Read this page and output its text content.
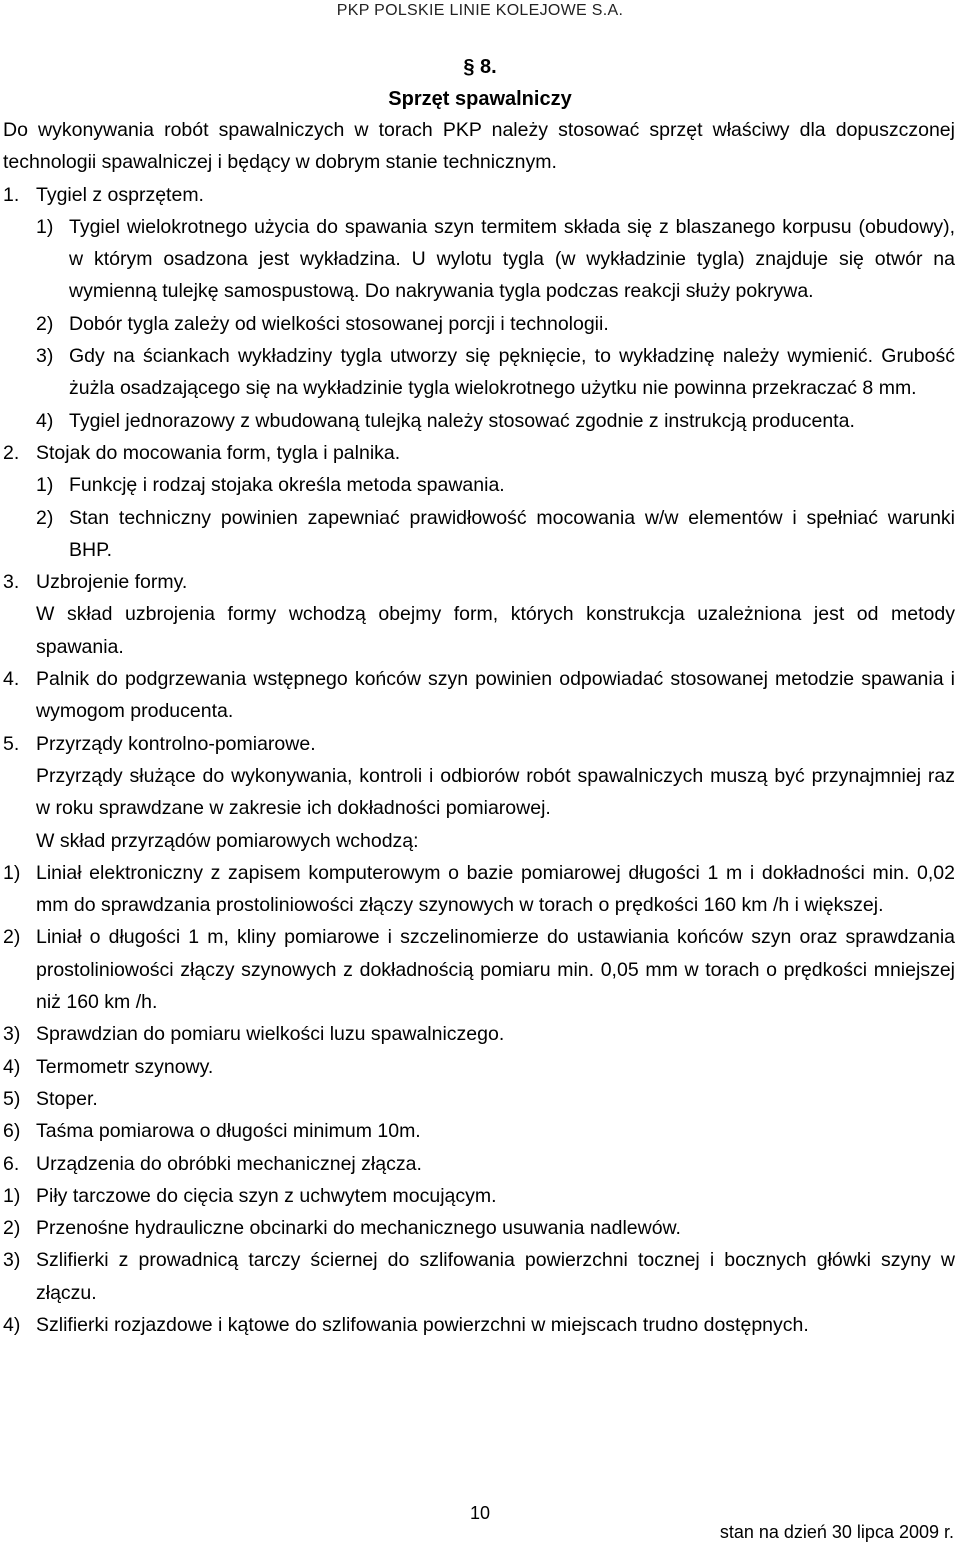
PKP POLSKIE LINIE KOLEJOWE S.A.
§ 8.
Sprzęt spawalniczy

Do wykonywania robót spawalniczych w torach PKP należy stosować sprzęt właściwy dla dopuszczonej technologii spawalniczej i będący w dobrym stanie technicznym.

1. Tygiel z osprzętem.
1) Tygiel wielokrotnego użycia do spawania szyn termitem składa się z blaszanego korpusu (obudowy), w którym osadzona jest wykładzina. U wylotu tygla (w wykładzinie tygla) znajduje się otwór na wymienną tulejkę samospustową. Do nakrywania tygla podczas reakcji służy pokrywa.
2) Dobór tygla zależy od wielkości stosowanej porcji i technologii.
3) Gdy na ściankach wykładziny tygla utworzy się pęknięcie, to wykładzinę należy wymienić. Grubość żużla osadzającego się na wykładzinie tygla wielokrotnego użytku nie powinna przekraczać 8 mm.
4) Tygiel jednorazowy z wbudowaną tulejką należy stosować zgodnie z instrukcją producenta.
2. Stojak do mocowania form, tygla i palnika.
1) Funkcję i rodzaj stojaka określa metoda spawania.
2) Stan techniczny powinien zapewniać prawidłowość mocowania w/w elementów i spełniać warunki BHP.
3. Uzbrojenie formy.
W skład uzbrojenia formy wchodzą obejmy form, których konstrukcja uzależniona jest od metody spawania.
4. Palnik do podgrzewania wstępnego końców szyn powinien odpowiadać stosowanej metodzie spawania i wymogom producenta.
5. Przyrządy kontrolno-pomiarowe.
Przyrządy służące do wykonywania, kontroli i odbiorów robót spawalniczych muszą być przynajmniej raz w roku sprawdzane w zakresie ich dokładności pomiarowej.
W skład przyrządów pomiarowych wchodzą:
1) Liniał elektroniczny z zapisem komputerowym o bazie pomiarowej długości 1 m i dokładności min. 0,02 mm do sprawdzania prostoliniowości złączy szynowych w torach o prędkości 160 km /h i większej.
2) Liniał o długości 1 m, kliny pomiarowe i szczelinomierze do ustawiania końców szyn oraz sprawdzania prostoliniowości złączy szynowych z dokładnością pomiaru min. 0,05 mm w torach o prędkości mniejszej niż 160 km /h.
3) Sprawdzian do pomiaru wielkości luzu spawalniczego.
4) Termometr szynowy.
5) Stoper.
6) Taśma pomiarowa o długości minimum 10m.
6. Urządzenia do obróbki mechanicznej złącza.
1) Piły tarczowe do cięcia szyn z uchwytem mocującym.
2) Przenośne hydrauliczne obcinarki do mechanicznego usuwania nadlewów.
3) Szlifierki z prowadnicą tarczy ściernej do szlifowania powierzchni tocznej i bocznych główki szyny w złączu.
4) Szlifierki rozjazdowe i kątowe do szlifowania powierzchni w miejscach trudno dostępnych.
10
stan na dzień 30 lipca 2009 r.
